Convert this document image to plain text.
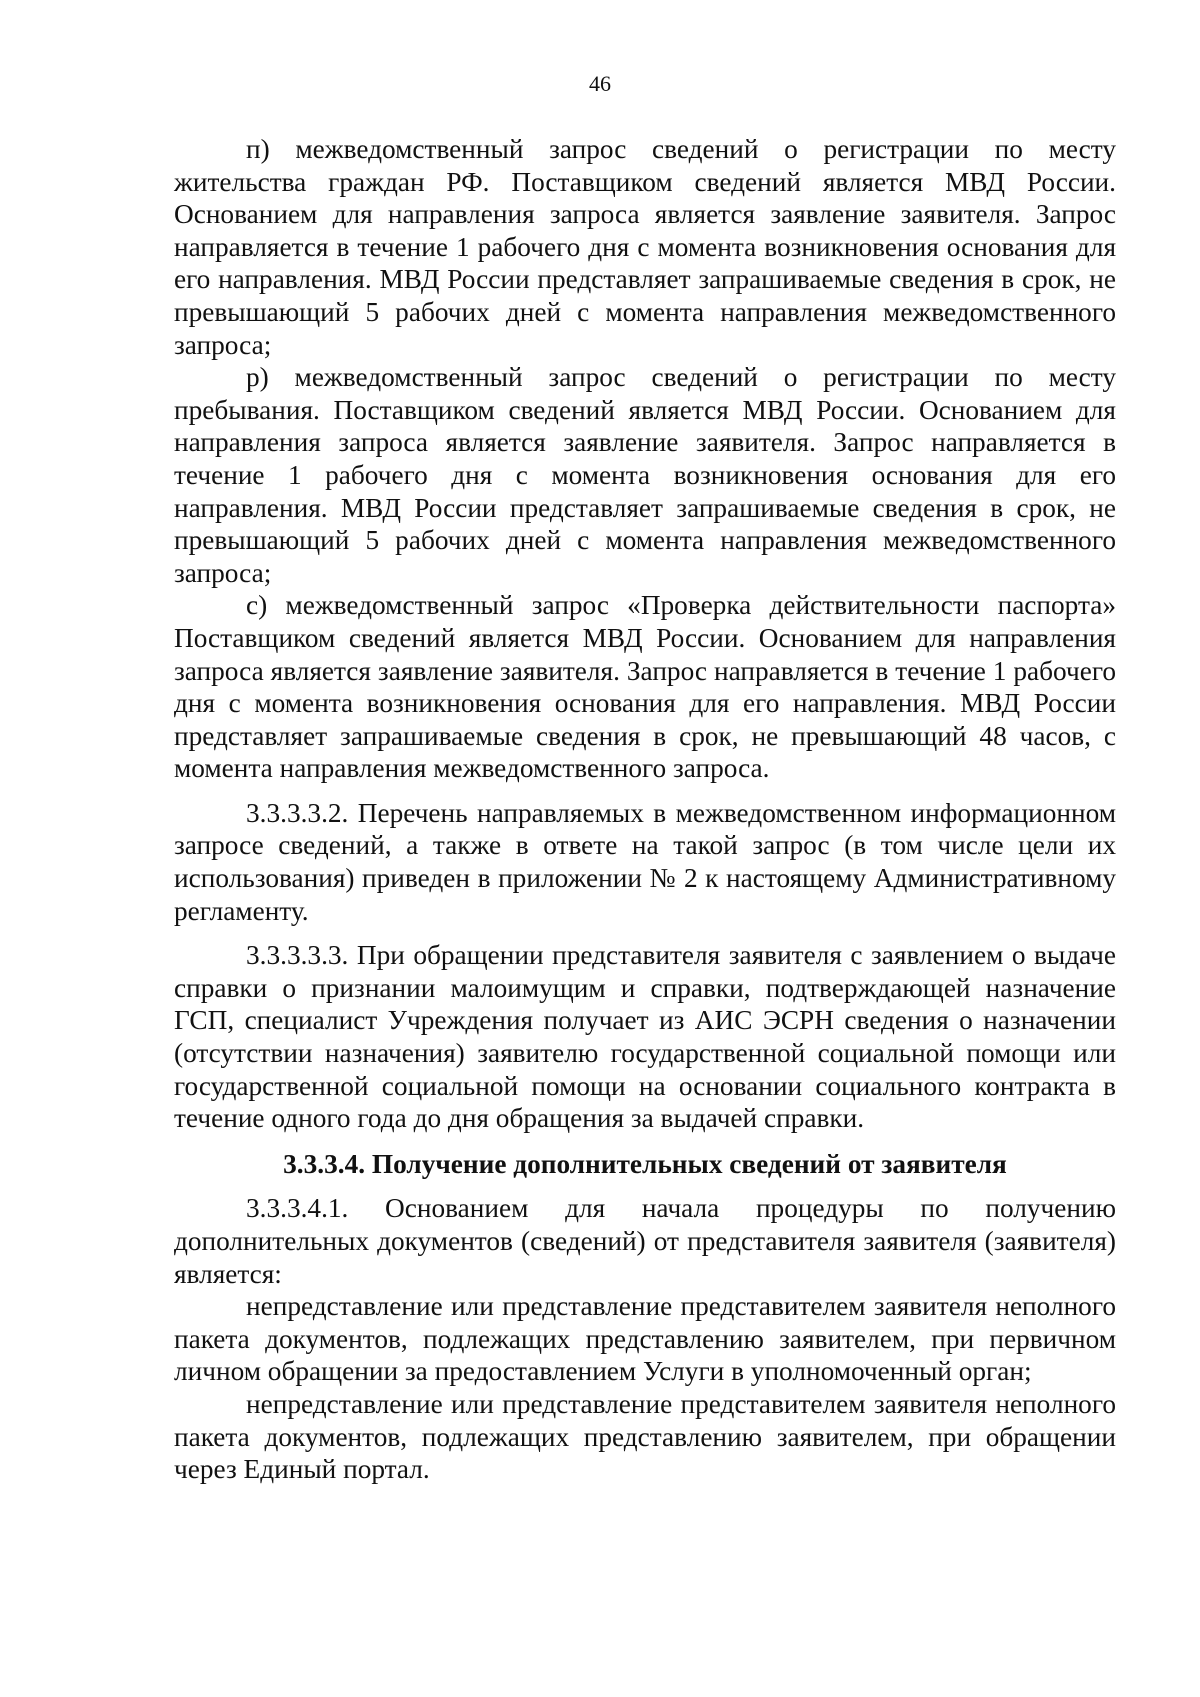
46

п) межведомственный запрос сведений о регистрации по месту жительства граждан РФ. Поставщиком сведений является МВД России. Основанием для направления запроса является заявление заявителя. Запрос направляется в течение 1 рабочего дня с момента возникновения основания для его направления. МВД России представляет запрашиваемые сведения в срок, не превышающий 5 рабочих дней с момента направления межведомственного запроса;

р) межведомственный запрос сведений о регистрации по месту пребывания. Поставщиком сведений является МВД России. Основанием для направления запроса является заявление заявителя. Запрос направляется в течение 1 рабочего дня с момента возникновения основания для его направления. МВД России представляет запрашиваемые сведения в срок, не превышающий 5 рабочих дней с момента направления межведомственного запроса;

с) межведомственный запрос «Проверка действительности паспорта» Поставщиком сведений является МВД России. Основанием для направления запроса является заявление заявителя. Запрос направляется в течение 1 рабочего дня с момента возникновения основания для его направления. МВД России представляет запрашиваемые сведения в срок, не превышающий 48 часов, с момента направления межведомственного запроса.

3.3.3.3.2. Перечень направляемых в межведомственном информационном запросе сведений, а также в ответе на такой запрос (в том числе цели их использования) приведен в приложении № 2 к настоящему Административному регламенту.

3.3.3.3.3. При обращении представителя заявителя с заявлением о выдаче справки о признании малоимущим и справки, подтверждающей назначение ГСП, специалист Учреждения получает из АИС ЭСРН сведения о назначении (отсутствии назначения) заявителю государственной социальной помощи или государственной социальной помощи на основании социального контракта в течение одного года до дня обращения за выдачей справки.

3.3.3.4. Получение дополнительных сведений от заявителя

3.3.3.4.1. Основанием для начала процедуры по получению дополнительных документов (сведений) от представителя заявителя (заявителя) является:

непредставление или представление представителем заявителя неполного пакета документов, подлежащих представлению заявителем, при первичном личном обращении за предоставлением Услуги в уполномоченный орган;

непредставление или представление представителем заявителя неполного пакета документов, подлежащих представлению заявителем, при обращении через Единый портал.
